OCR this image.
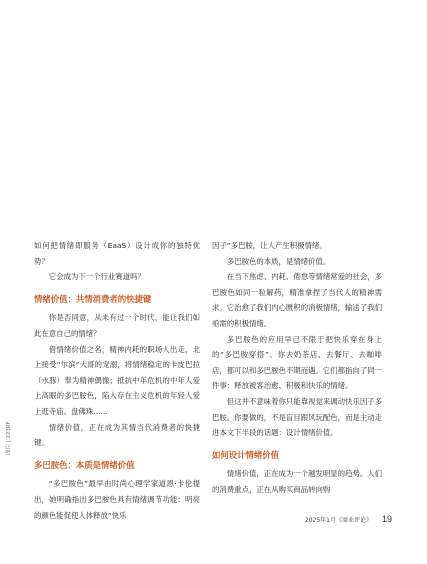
图片 | 123RF

如何把情绪即服务（EaaS）设计成你的独特优势？

它会成为下一个行业赛道吗？

情绪价值：共情消费者的快捷键

你是否同意，从未有过一个时代，能让我们如此在意自己的情绪？

借情绪价值之名，精神内耗的职场人出走，北上接受“尔滨”大哥的宠溺，将情绪稳定的卡皮巴拉（水豚）奉为精神偶像；抵抗中年危机的中年人爱上高眼的多巴胺色，陷入存在主义危机的年轻人爱上逛寺庙、盘佛珠……

情绪价值，正在成为其情当代消费者的快捷键。

多巴胺色：本质是情绪价值

“多巴胺色”最早由时尚心理学家道恩·卡伦提出，她明确指出多巴胺色具有情绪调节功能：明亮的颜色能促使人体释放“快乐

因子”多巴胺，让人产生积极情绪。

多巴胺色的本质，是情绪价值。

在当下焦虑、内耗、倦怠等情绪常爱的社会，多巴胺色如同一粒解药，精准拿捏了当代人的精神需求。它治愈了我们内心匮积的消极情绪，输送了我们亟需的积极情绪。

多巴胺色的应用早已不限于把快乐穿在身上的“多巴胺穿搭”。你去奶茶店、去餐厅、去咖啡店，都可以和多巴胺色不期而遇。它们都指向了同一件事：释放被客治愈、积极和快乐的情绪。

但这并不意味着你只能靠视觉来调动快乐因子多巴胺。你要做的，不是盲目跟风玩配色，而是主动走进本文下半段的话题：设计情绪价值。

如何设计情绪价值

情绪价值，正在成为一个越发明显的趋势。人们的消费重点，正在从购买商品转向购

2025年1月《商业评论》 19
